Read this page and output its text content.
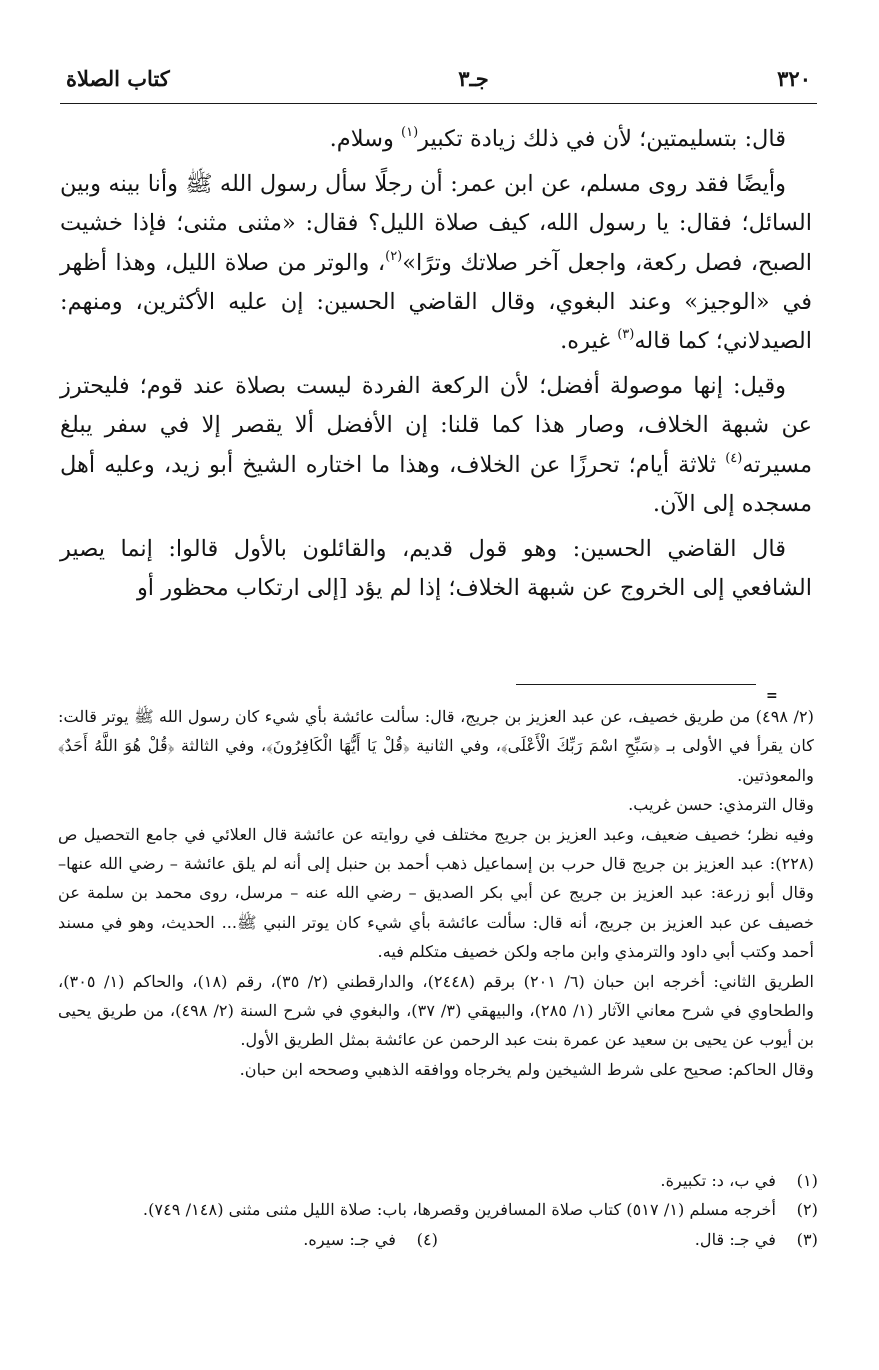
٣٢٠
جـ٣
كتاب الصلاة

قال: بتسليمتين؛ لأن في ذلك زيادة تكبير$^{(١)}$ وسلام.

وأيضًا فقد روى مسلم، عن ابن عمر: أن رجلًا سأل رسول الله ﷺ وأنا بينه وبين السائل؛ فقال: يا رسول الله، كيف صلاة الليل؟ فقال: «مثنى مثنى؛ فإذا خشيت الصبح، فصل ركعة، واجعل آخر صلاتك وترًا»$^{(٢)}$، والوتر من صلاة الليل، وهذا أظهر في «الوجيز» وعند البغوي، وقال القاضي الحسين: إن عليه الأكثرين، ومنهم: الصيدلاني؛ كما قاله$^{(٣)}$ غيره.

وقيل: إنها موصولة أفضل؛ لأن الركعة الفردة ليست بصلاة عند قوم؛ فليحترز عن شبهة الخلاف، وصار هذا كما قلنا: إن الأفضل ألا يقصر إلا في سفر يبلغ مسيرته$^{(٤)}$ ثلاثة أيام؛ تحرزًا عن الخلاف، وهذا ما اختاره الشيخ أبو زيد، وعليه أهل مسجده إلى الآن.

قال القاضي الحسين: وهو قول قديم، والقائلون بالأول قالوا: إنما يصير الشافعي إلى الخروج عن شبهة الخلاف؛ إذا لم يؤد [إلى ارتكاب محظور أو

=

(٢/ ٤٩٨) من طريق خصيف، عن عبد العزيز بن جريج، قال: سألت عائشة بأي شيء كان رسول الله ﷺ يوتر قالت: كان يقرأ في الأولى بـ ﴿سَبِّحِ اسْمَ رَبِّكَ الْأَعْلَى﴾، وفي الثانية ﴿قُلْ يَا أَيُّهَا الْكَافِرُونَ﴾، وفي الثالثة ﴿قُلْ هُوَ اللَّهُ أَحَدٌ﴾ والمعوذتين.

وقال الترمذي: حسن غريب.

وفيه نظر؛ خصيف ضعيف، وعبد العزيز بن جريج مختلف في روايته عن عائشة قال العلائي في جامع التحصيل ص (٢٢٨): عبد العزيز بن جريج قال حرب بن إسماعيل ذهب أحمد بن حنبل إلى أنه لم يلق عائشة – رضي الله عنها– وقال أبو زرعة: عبد العزيز بن جريج عن أبي بكر الصديق – رضي الله عنه – مرسل، روى محمد بن سلمة عن خصيف عن عبد العزيز بن جريج، أنه قال: سألت عائشة بأي شيء كان يوتر النبي ﷺ... الحديث، وهو في مسند أحمد وكتب أبي داود والترمذي وابن ماجه ولكن خصيف متكلم فيه.

الطريق الثاني: أخرجه ابن حبان (٦/ ٢٠١) برقم (٢٤٤٨)، والدارقطني (٢/ ٣٥)، رقم (١٨)، والحاكم (١/ ٣٠٥)، والطحاوي في شرح معاني الآثار (١/ ٢٨٥)، والبيهقي (٣/ ٣٧)، والبغوي في شرح السنة (٢/ ٤٩٨)، من طريق يحيى بن أيوب عن يحيى بن سعيد عن عمرة بنت عبد الرحمن عن عائشة بمثل الطريق الأول.

وقال الحاكم: صحيح على شرط الشيخين ولم يخرجاه ووافقه الذهبي وصححه ابن حبان.

(١)
في ب، د: تكبيرة.
(٢)
أخرجه مسلم (١/ ٥١٧) كتاب صلاة المسافرين وقصرها، باب: صلاة الليل مثنى مثنى (١٤٨/ ٧٤٩).
(٣)
في جـ: قال.
(٤)
في جـ: سيره.
